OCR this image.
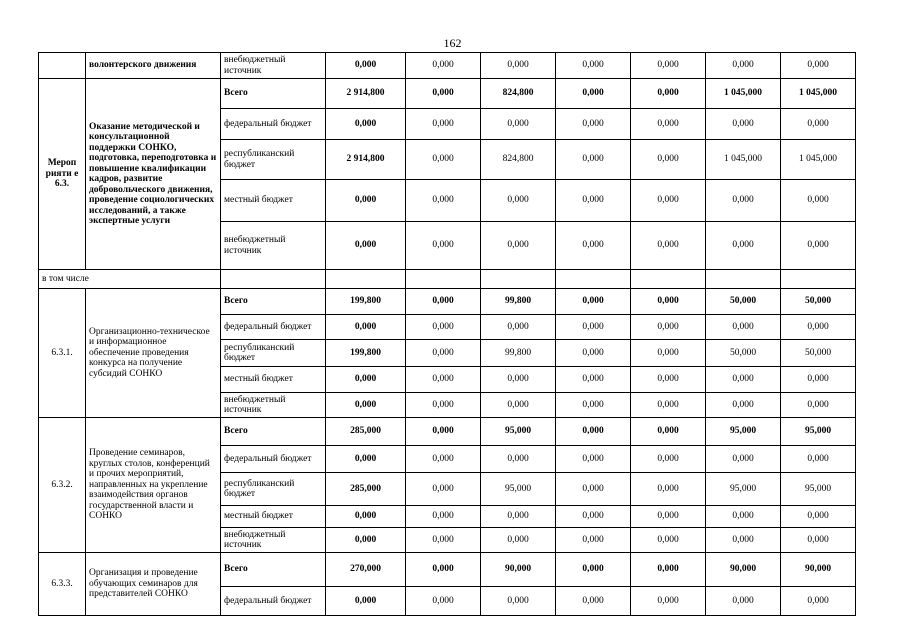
162
	волонтерского движения	внебюджетный источник	0,000	0,000	0,000	0,000	0,000	0,000	0,000
Мероп рияти е 6.3.	Оказание методической и консультационной поддержки СОНКО, подготовка, переподготовка и повышение квалификации кадров, развитие добровольческого движения, проведение социологических исследований, а также экспертные услуги	Всего	2 914,800	0,000	824,800	0,000	0,000	1 045,000	1 045,000
		федеральный бюджет	0,000	0,000	0,000	0,000	0,000	0,000	0,000
		республиканский бюджет	2 914,800	0,000	824,800	0,000	0,000	1 045,000	1 045,000
		местный бюджет	0,000	0,000	0,000	0,000	0,000	0,000	0,000
		внебюджетный источник	0,000	0,000	0,000	0,000	0,000	0,000	0,000
в том числе									
6.3.1.	Организационно-техническое и информационное обеспечение проведения конкурса на получение субсидий СОНКО	Всего	199,800	0,000	99,800	0,000	0,000	50,000	50,000
		федеральный бюджет	0,000	0,000	0,000	0,000	0,000	0,000	0,000
		республиканский бюджет	199,800	0,000	99,800	0,000	0,000	50,000	50,000
		местный бюджет	0,000	0,000	0,000	0,000	0,000	0,000	0,000
		внебюджетный источник	0,000	0,000	0,000	0,000	0,000	0,000	0,000
6.3.2.	Проведение семинаров, круглых столов, конференций и прочих мероприятий, направленных на укрепление взаимодействия органов государственной власти и СОНКО	Всего	285,000	0,000	95,000	0,000	0,000	95,000	95,000
		федеральный бюджет	0,000	0,000	0,000	0,000	0,000	0,000	0,000
		республиканский бюджет	285,000	0,000	95,000	0,000	0,000	95,000	95,000
		местный бюджет	0,000	0,000	0,000	0,000	0,000	0,000	0,000
		внебюджетный источник	0,000	0,000	0,000	0,000	0,000	0,000	0,000
6.3.3.	Организация и проведение обучающих семинаров для представителей СОНКО	Всего	270,000	0,000	90,000	0,000	0,000	90,000	90,000
		федеральный бюджет	0,000	0,000	0,000	0,000	0,000	0,000	0,000
